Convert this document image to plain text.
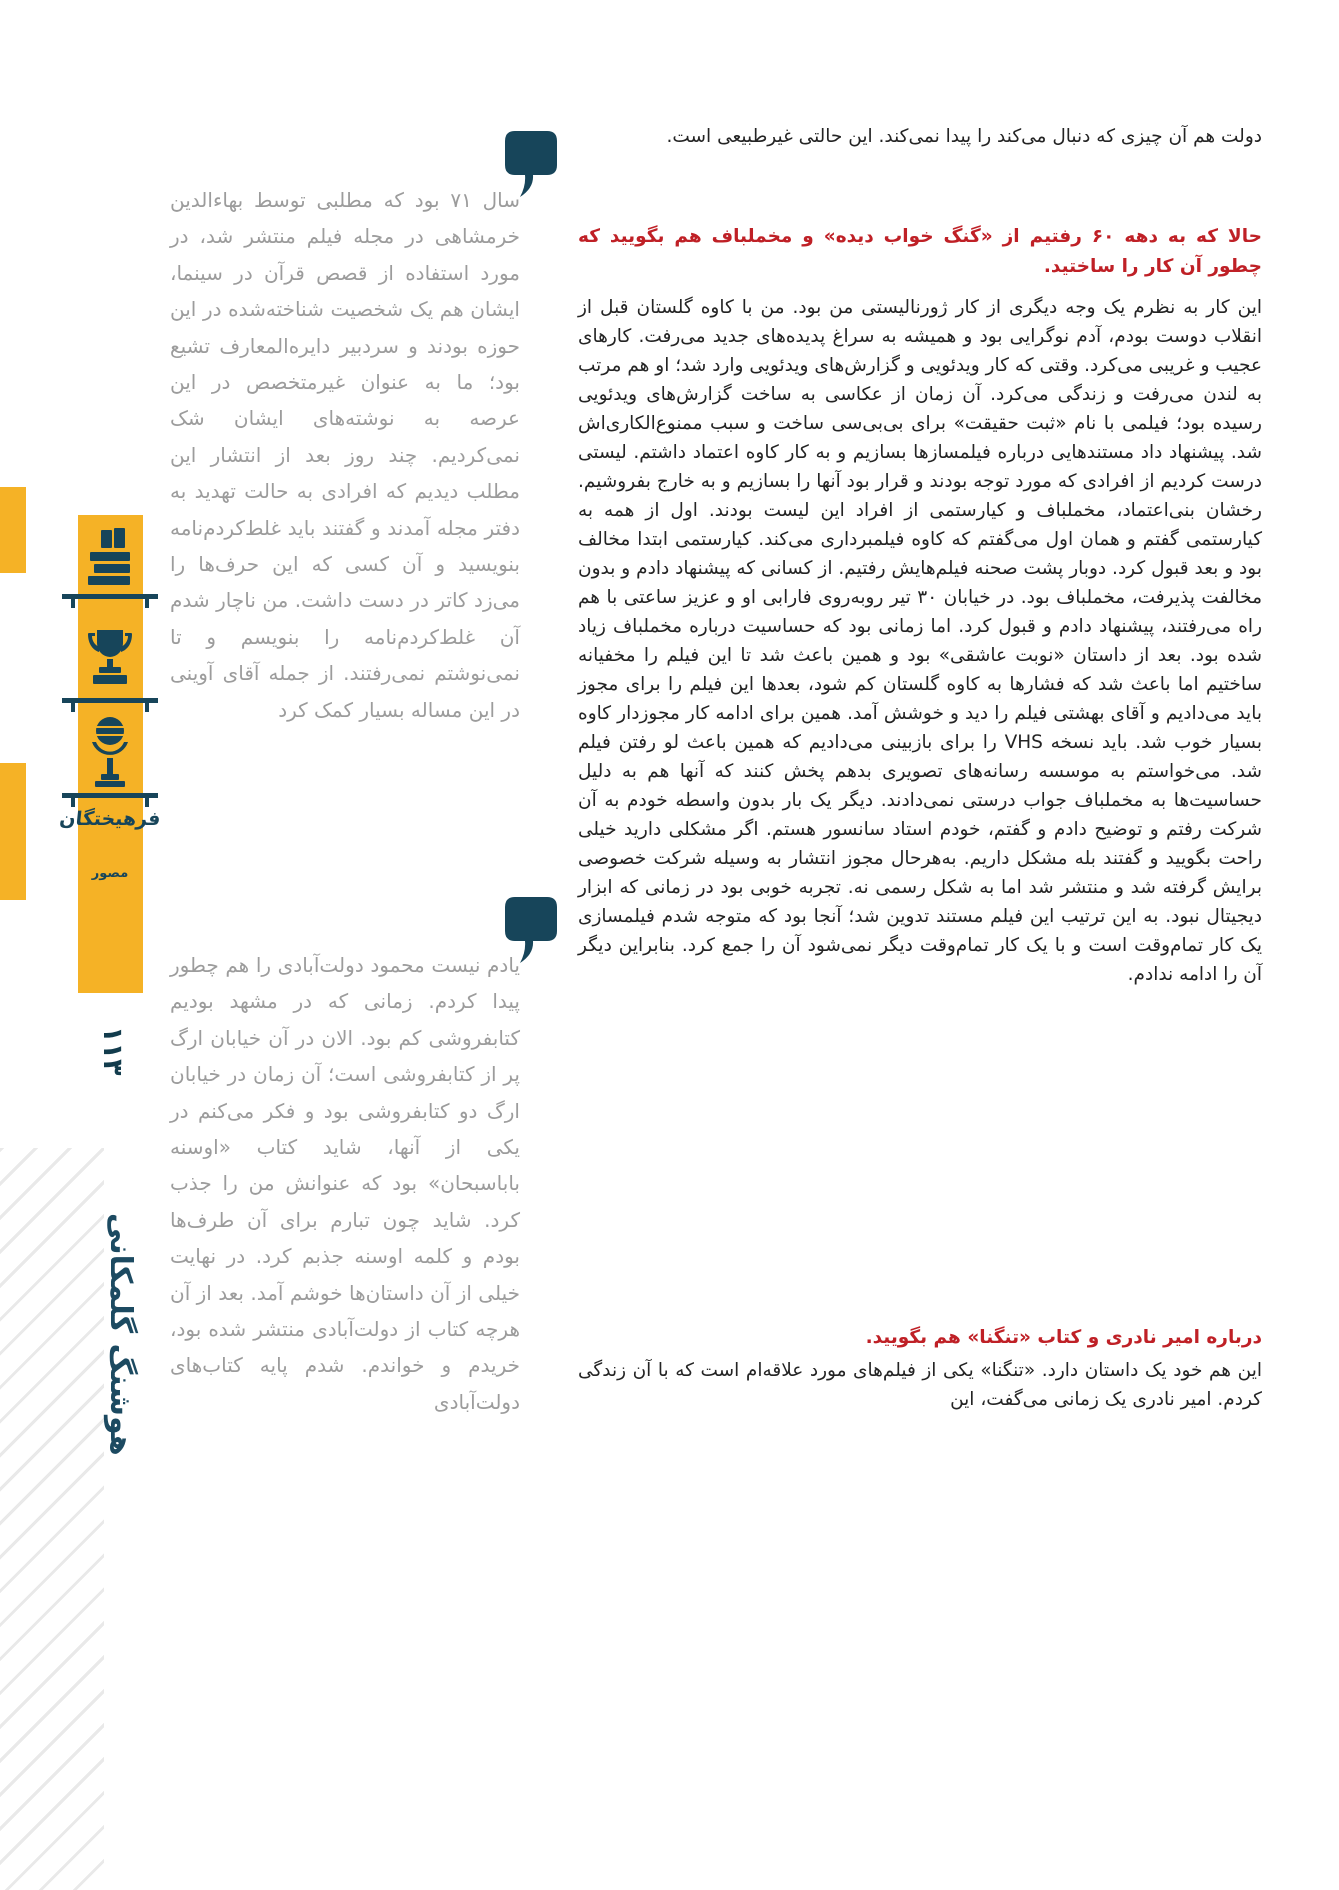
فرهیختگان
مصور
۱۱۳
هوشنگ گلمکانی
سال ۷۱ بود که مطلبی توسط بهاءالدین خرمشاهی در مجله فیلم منتشر شد، در مورد استفاده از قصص قرآن در سینما، ایشان هم یک شخصیت شناخته‌شده در این حوزه بودند و سردبیر دایره‌المعارف تشیع بود؛ ما به عنوان غیرمتخصص در این عرصه به نوشته‌های ایشان شک نمی‌کردیم. چند روز بعد از انتشار این مطلب دیدیم که افرادی به حالت تهدید به دفتر مجله آمدند و گفتند باید غلط‌کردم‌نامه بنویسید و آن کسی که این حرف‌ها را می‌زد کاتر در دست داشت. من ناچار شدم آن غلط‌کردم‌نامه را بنویسم و تا نمی‌نوشتم نمی‌رفتند. از جمله آقای آوینی در این مساله بسیار کمک کرد
یادم نیست محمود دولت‌آبادی را هم چطور پیدا کردم. زمانی که در مشهد بودیم کتابفروشی کم بود. الان در آن خیابان ارگ پر از کتابفروشی است؛ آن زمان در خیابان ارگ دو کتابفروشی بود و فکر می‌کنم در یکی از آنها، شاید کتاب «اوسنه باباسبحان» بود که عنوانش من را جذب کرد. شاید چون تبارم برای آن طرف‌ها بودم و کلمه اوسنه جذبم کرد. در نهایت خیلی از آن داستان‌ها خوشم آمد. بعد از آن هرچه کتاب از دولت‌آبادی منتشر شده بود، خریدم و خواندم. شدم پایه کتاب‌های دولت‌آبادی
دولت هم آن چیزی که دنبال می‌کند را پیدا نمی‌کند. این حالتی غیرطبیعی است.
حالا که به دهه ۶۰ رفتیم از «گنگ خواب دیده» و مخملباف هم بگویید که چطور آن کار را ساختید.
این کار به نظرم یک وجه دیگری از کار ژورنالیستی من بود. من با کاوه گلستان قبل از انقلاب دوست بودم، آدم نوگرایی بود و همیشه به سراغ پدیده‌های جدید می‌رفت. کارهای عجیب و غریبی می‌کرد. وقتی که کار ویدئویی و گزارش‌های ویدئویی وارد شد؛ او هم مرتب به لندن می‌رفت و زندگی می‌کرد. آن زمان از عکاسی به ساخت گزارش‌های ویدئویی رسیده بود؛ فیلمی با نام «ثبت حقیقت» برای بی‌بی‌سی ساخت و سبب ممنوع‌الکاری‌اش شد. پیشنهاد داد مستندهایی درباره فیلمسازها بسازیم و به کار کاوه اعتماد داشتم. لیستی درست کردیم از افرادی که مورد توجه بودند و قرار بود آنها را بسازیم و به خارج بفروشیم. رخشان بنی‌اعتماد، مخملباف و کیارستمی از افراد این لیست بودند. اول از همه به کیارستمی گفتم و همان اول می‌گفتم که کاوه فیلمبرداری می‌کند. کیارستمی ابتدا مخالف بود و بعد قبول کرد. دوبار پشت صحنه فیلم‌هایش رفتیم. از کسانی که پیشنهاد دادم و بدون مخالفت پذیرفت، مخملباف بود. در خیابان ۳۰ تیر روبه‌روی فارابی او و عزیز ساعتی با هم راه می‌رفتند، پیشنهاد دادم و قبول کرد. اما زمانی بود که حساسیت درباره مخملباف زیاد شده بود. بعد از داستان «نوبت عاشقی» بود و همین باعث شد تا این فیلم را مخفیانه ساختیم اما باعث شد که فشارها به کاوه گلستان کم شود، بعدها این فیلم را برای مجوز باید می‌دادیم و آقای بهشتی فیلم را دید و خوشش آمد. همین برای ادامه کار مجوزدار کاوه بسیار خوب شد. باید نسخه VHS را برای بازبینی می‌دادیم که همین باعث لو رفتن فیلم شد. می‌خواستم به موسسه رسانه‌های تصویری بدهم پخش کنند که آنها هم به دلیل حساسیت‌ها به مخملباف جواب درستی نمی‌دادند. دیگر یک بار بدون واسطه خودم به آن شرکت رفتم و توضیح دادم و گفتم، خودم استاد سانسور هستم. اگر مشکلی دارید خیلی راحت بگویید و گفتند بله مشکل داریم. به‌هرحال مجوز انتشار به وسیله شرکت خصوصی برایش گرفته شد و منتشر شد اما به شکل رسمی نه. تجربه خوبی بود در زمانی که ابزار دیجیتال نبود. به این ترتیب این فیلم مستند تدوین شد؛ آنجا بود که متوجه شدم فیلمسازی یک کار تمام‌وقت است و با یک کار تمام‌وقت دیگر نمی‌شود آن را جمع کرد. بنابراین دیگر آن را ادامه ندادم.
درباره امیر نادری و کتاب «تنگنا» هم بگویید.
این هم خود یک داستان دارد. «تنگنا» یکی از فیلم‌های مورد علاقه‌ام است که با آن زندگی کردم. امیر نادری یک زمانی می‌گفت، این
